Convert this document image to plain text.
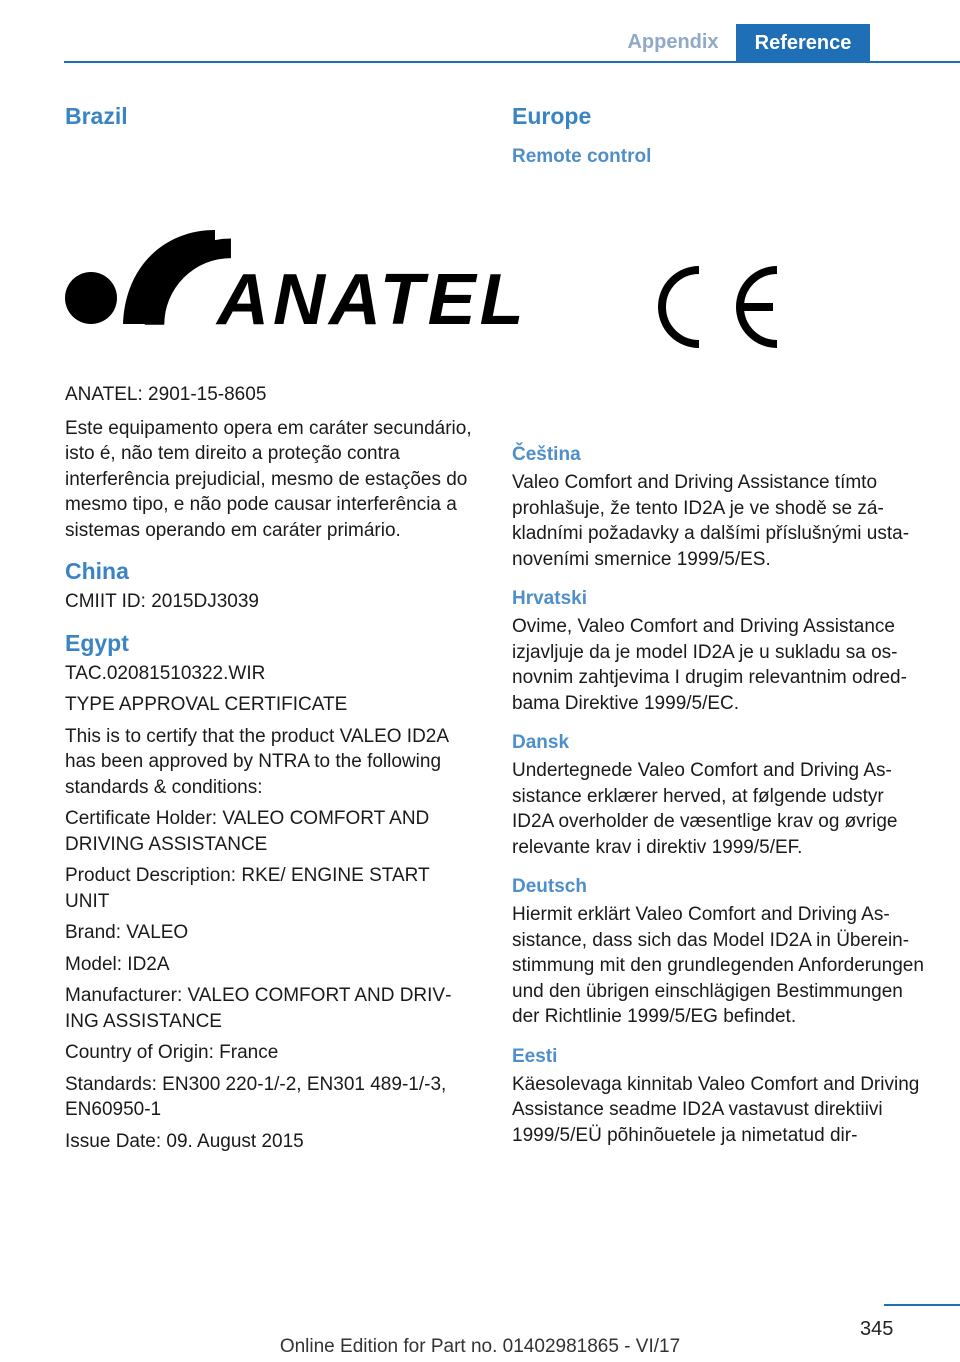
Appendix	Reference
Brazil
ANATEL

ANATEL: 2901-15-8605

Este equipamento opera em caráter secundário, isto é, não tem direito a proteção contra interferência prejudicial, mesmo de estações do mesmo tipo, e não pode causar interferência a sistemas operando em caráter primário.

China

CMIIT ID: 2015DJ3039

Egypt

TAC.02081510322.WIR

TYPE APPROVAL CERTIFICATE

This is to certify that the product VALEO ID2A has been approved by NTRA to the following standards & conditions:

Certificate Holder: VALEO COMFORT AND DRIVING ASSISTANCE

Product Description: RKE/ ENGINE START UNIT

Brand: VALEO

Model: ID2A

Manufacturer: VALEO COMFORT AND DRIVING ASSISTANCE

Country of Origin: France

Standards: EN300 220-1/-2, EN301 489-1/-3, EN60950-1

Issue Date: 09. August 2015

Europe
Remote control
CE
Čeština

Valeo Comfort and Driving Assistance tímto prohlašuje, že tento ID2A je ve shodě se základními požadavky a dalšími příslušnými ustanoveními smernice 1999/5/ES.

Hrvatski

Ovime, Valeo Comfort and Driving Assistance izjavljuje da je model ID2A je u sukladu sa osnovnim zahtjevima I drugim relevantnim odredbama Direktive 1999/5/EC.

Dansk

Undertegnede Valeo Comfort and Driving Assistance erklærer herved, at følgende udstyr ID2A overholder de væsentlige krav og øvrige relevante krav i direktiv 1999/5/EF.

Deutsch

Hiermit erklärt Valeo Comfort and Driving Assistance, dass sich das Model ID2A in Übereinstimmung mit den grundlegenden Anforderungen und den übrigen einschlägigen Bestimmungen der Richtlinie 1999/5/EG befindet.

Eesti

Käesolevaga kinnitab Valeo Comfort and Driving Assistance seadme ID2A vastavust direktiivi 1999/5/EÜ põhinõuetele ja nimetatud dir-

345
Online Edition for Part no. 01402981865 - VI/17
